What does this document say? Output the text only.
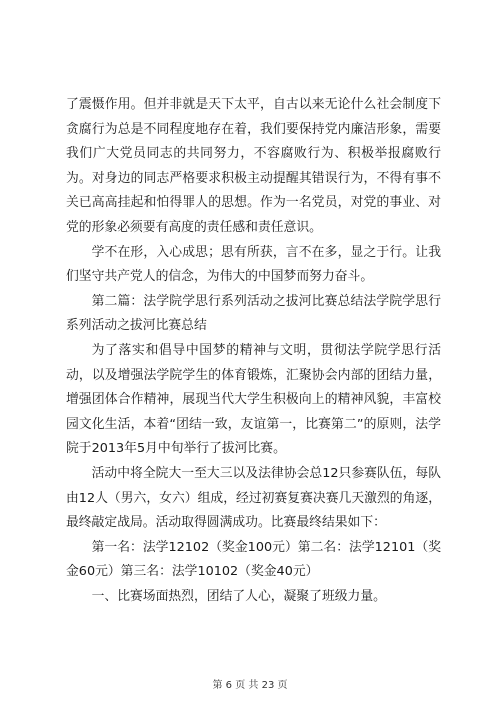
了震慑作用。但并非就是天下太平，自古以来无论什么社会制度下贪腐行为总是不同程度地存在着，我们要保持党内廉洁形象，需要我们广大党员同志的共同努力，不容腐败行为、积极举报腐败行为。对身边的同志严格要求积极主动提醒其错误行为，不得有事不关已高高挂起和怕得罪人的思想。作为一名党员，对党的事业、对党的形象必须要有高度的责任感和责任意识。

学不在形，入心成思；思有所获，言不在多，显之于行。让我们坚守共产党人的信念，为伟大的中国梦而努力奋斗。

第二篇：法学院学思行系列活动之拔河比赛总结法学院学思行系列活动之拔河比赛总结

为了落实和倡导中国梦的精神与文明，贯彻法学院学思行活动，以及增强法学院学生的体育锻炼，汇聚协会内部的团结力量，增强团体合作精神，展现当代大学生积极向上的精神风貌，丰富校园文化生活，本着“团结一致，友谊第一，比赛第二”的原则，法学院于2013年5月中旬举行了拔河比赛。

活动中将全院大一至大三以及法律协会总12只参赛队伍，每队由12人（男六，女六）组成，经过初赛复赛决赛几天激烈的角逐，最终敲定战局。活动取得圆满成功。比赛最终结果如下：

第一名：法学12102（奖金100元）第二名：法学12101（奖金60元）第三名：法学10102（奖金40元）

一、比赛场面热烈，团结了人心，凝聚了班级力量。

第 6 页 共 23 页
